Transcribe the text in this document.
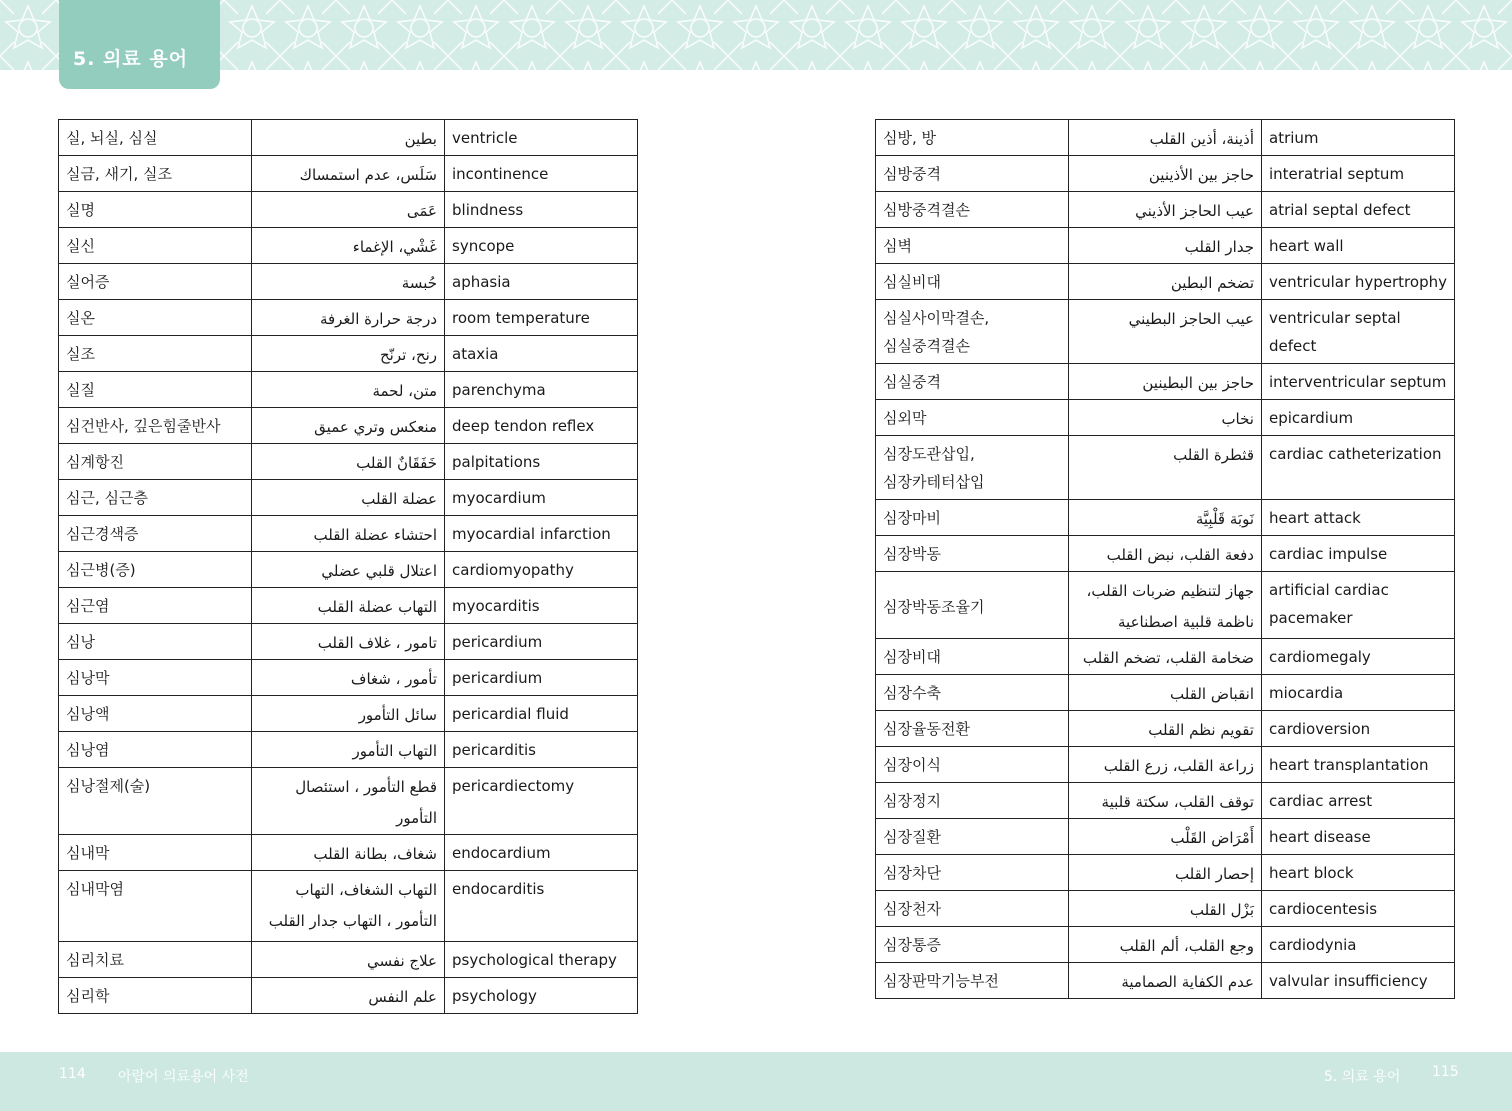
5. 의료 용어
실, 뇌실, 심실	بطين	ventricle

실금, 새기, 실조	سَلَس، عدم استمساك	incontinence

실명	عَمَى	blindness

실신	غَشْي، الإغماء	syncope

실어증	حُبسة	aphasia

실온	درجة حرارة الغرفة	room temperature

실조	رنح، ترنّح	ataxia

실질	متن، لحمة	parenchyma

심건반사, 깊은힘줄반사	منعكس وتري عميق	deep tendon reflex

심계항진	خَفَقَانٌ القلب	palpitations

심근, 심근층	عضلة القلب	myocardium

심근경색증	احتشاء عضلة القلب	myocardial infarction

심근병(증)	اعتلال قلبي عضلي	cardiomyopathy

심근염	التهاب عضلة القلب	myocarditis

심낭	تامور ، غلاف القلب	pericardium

심낭막	تأمور ، شغاف	pericardium

심낭액	سائل التأمور	pericardial fluid

심낭염	التهاب التأمور	pericarditis

심낭절제(술)	قطع التأمور ، استئصال التأمور	pericardiectomy

심내막	شغاف، بطانة القلب	endocardium

심내막염	التهاب الشغاف، التهاب
التأمور ، التهاب جدار القلب	endocarditis

심리치료	علاج نفسي	psychological therapy

심리학	علم النفس	psychology
심방, 방	أذينة، أذين القلب	atrium

심방중격	حاجز بين الأذينين	interatrial septum

심방중격결손	عيب الحاجز الأذيني	atrial septal defect

심벽	جدار القلب	heart wall

심실비대	تضخم البطين	ventricular hypertrophy

심실사이막결손,
심실중격결손	عيب الحاجز البطيني	ventricular septal defect

심실중격	حاجز بين البطينين	interventricular septum

심외막	نخاب	epicardium

심장도관삽입,
심장카테터삽입	قثطرة القلب	cardiac catheterization

심장마비	نَوبَة قَلْبِيَّة	heart attack

심장박동	دفعة القلب، نبض القلب	cardiac impulse

심장박동조율기	جهاز لتنظيم ضربات القلب،
ناظمة قلبية اصطناعية	artificial cardiac
pacemaker

심장비대	ضخامة القلب، تضخم القلب	cardiomegaly

심장수축	انقباض القلب	miocardia

심장율동전환	تقويم نظم القلب	cardioversion

심장이식	زراعة القلب، زرع القلب	heart transplantation

심장정지	توقف القلب، سكتة قلبية	cardiac arrest

심장질환	أَمْرَاض القَلْب	heart disease

심장차단	إحصار القلب	heart block

심장천자	بَزْل القلب	cardiocentesis

심장통증	وجع القلب، ألم القلب	cardiodynia

심장판막기능부전	عدم الكفاية الصمامية	valvular insufficiency
114 아랍어 의료용어 사전	5. 의료 용어 115
